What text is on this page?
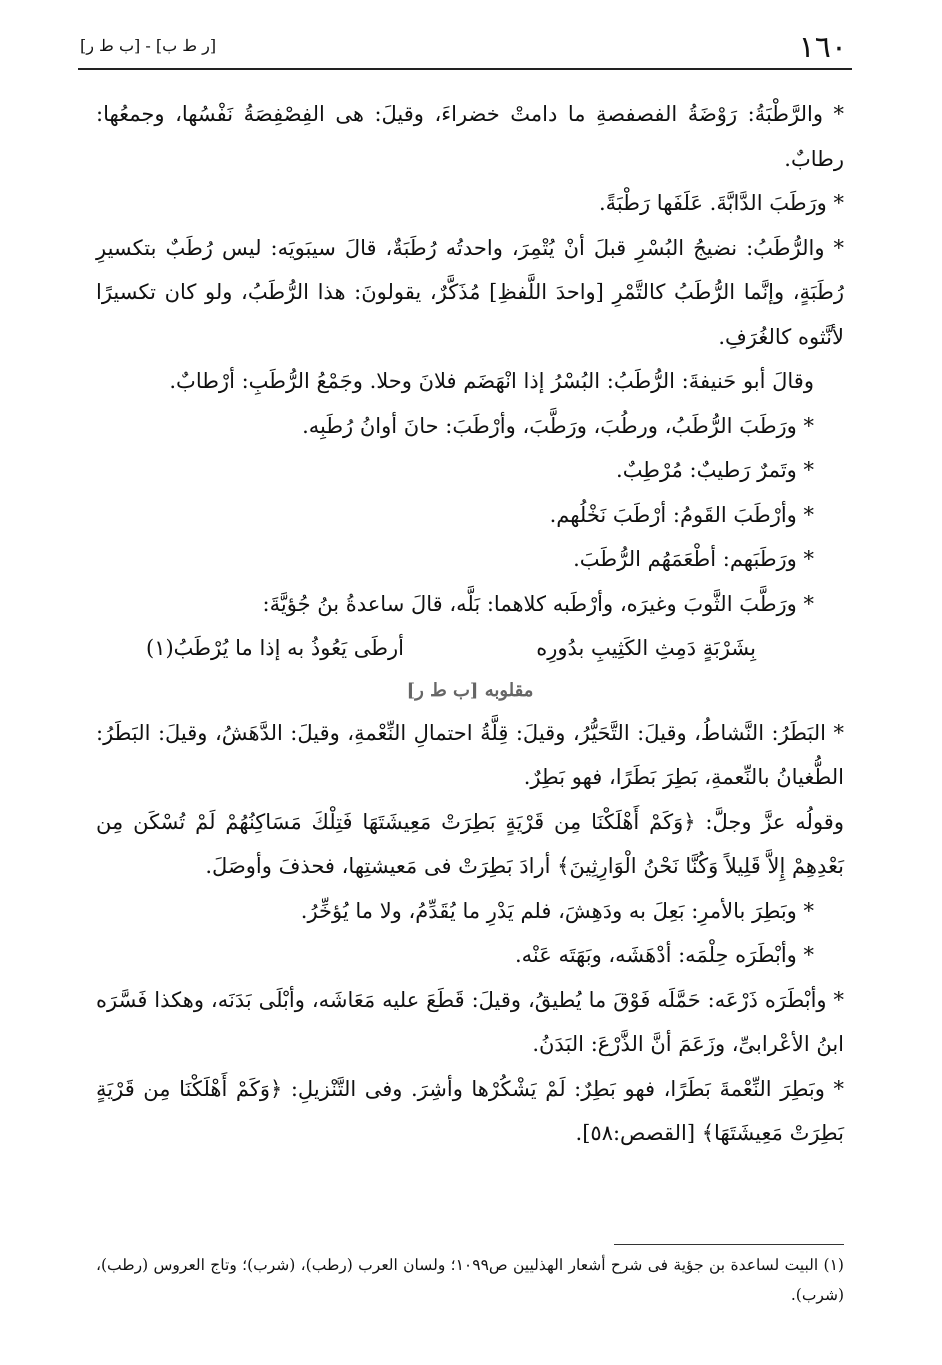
١٦٠
[ر ط ب] - [ب ط ر]

* والرَّطْبَةُ: رَوْضَةُ الفصفصةِ ما دامتْ خضراءَ، وقيلَ: هى الفِصْفِصَةُ نَفْسُها، وجمعُها: رطابٌ.

* ورَطَبَ الدَّابَّةَ. عَلَفَها رَطْبَةً.

* والرُّطَبُ: نضيجُ البُسْرِ قبلَ أنْ يُتْمِرَ، واحدتُه رُطَبَةٌ، قالَ سيبَويَه: ليس رُطَبٌ بتكسيرِ رُطَبَةٍ، وإنَّما الرُّطَبُ كالتَّمْرِ [واحدَ اللَّفظِ] مُذَكَّرٌ، يقولونَ: هذا الرُّطَبُ، ولو كان تكسيرًا لأنَّثوه كالغُرَفِ.

وقالَ أبو حَنيفةَ: الرُّطَبُ: البُسْرُ إذا انْهَضَم فلانَ وحلا. وجَمْعُ الرُّطَبِ: أرْطابٌ.

* ورَطَبَ الرُّطَبُ، ورطُبَ، ورَطَّبَ، وأرْطَبَ: حانَ أوانُ رُطَبِه.

* وتَمرٌ رَطيبٌ: مُرْطِبٌ.

* وأرْطَبَ القَومُ: أرْطَبَ نَخْلُهم.

* ورَطَبَهم: أطْعَمَهُم الرُّطَبَ.

* ورَطَّبَ الثَّوبَ وغيرَه، وأرْطَبه كلاهما: بَلَّه، قالَ ساعدةُ بنُ جُؤيَّةَ:

بِشَرْبَةٍ دَمِثِ الكَثِيبِ بدُورِه
أرطَى يَعُوذُ به إذا ما يُرْطَبُ(١)
مقلوبه [ب ط ر]

* البَطَرُ: النَّشاطُ، وقيلَ: التَّحَيُّرُ، وقيلَ: قِلَّةُ احتمالِ النِّعْمةِ، وقيلَ: الدَّهَشُ، وقيلَ: البَطَرُ: الطُّغيانُ بالنِّعمةِ، بَطِرَ بَطَرًا، فهو بَطِرٌ.

وقولُه عزَّ وجلَّ: ﴿وَكَمْ أَهْلَكْنَا مِن قَرْيَةٍ بَطِرَتْ مَعِيشَتَهَا فَتِلْكَ مَسَاكِنُهُمْ لَمْ تُسْكَن مِن بَعْدِهِمْ إِلاَّ قَلِيلاً وَكُنَّا نَحْنُ الْوَارِثِينَ﴾ أرادَ بَطِرَتْ فى مَعيشتِها، فحذفَ وأوصَلَ.

* وبَطِرَ بالأمرِ: بَعِلَ به ودَهِشَ، فلم يَدْرِ ما يُقَدِّمُ، ولا ما يُؤخِّرُ.

* وأبْطَرَه حِلْمَه: أدْهَشَه، وبَهَتَه عَنْه.

* وأبْطَرَه ذَرْعَه: حَمَّلَه فَوْقَ ما يُطيقُ، وقيلَ: قَطَعَ عليه مَعَاشَه، وأبْلَى بَدَنَه، وهكذا فَسَّرَه ابنُ الأعْرابىِّ، وزَعَمَ أنَّ الذَّرْعَ: البَدَنُ.

* وبَطِرَ النِّعْمةَ بَطَرًا، فهو بَطِرٌ: لَمْ يَشْكُرْها وأشِرَ. وفى التَّنْزيلِ: ﴿وَكَمْ أَهْلَكْنَا مِن قَرْيَةٍ بَطِرَتْ مَعِيشَتَهَا﴾ [القصص:٥٨].

(١) البيت لساعدة بن جؤية فى شرح أشعار الهذليين ص١٠٩٩؛ ولسان العرب (رطب)، (شرب)؛ وتاج العروس (رطب)، (شرب).
